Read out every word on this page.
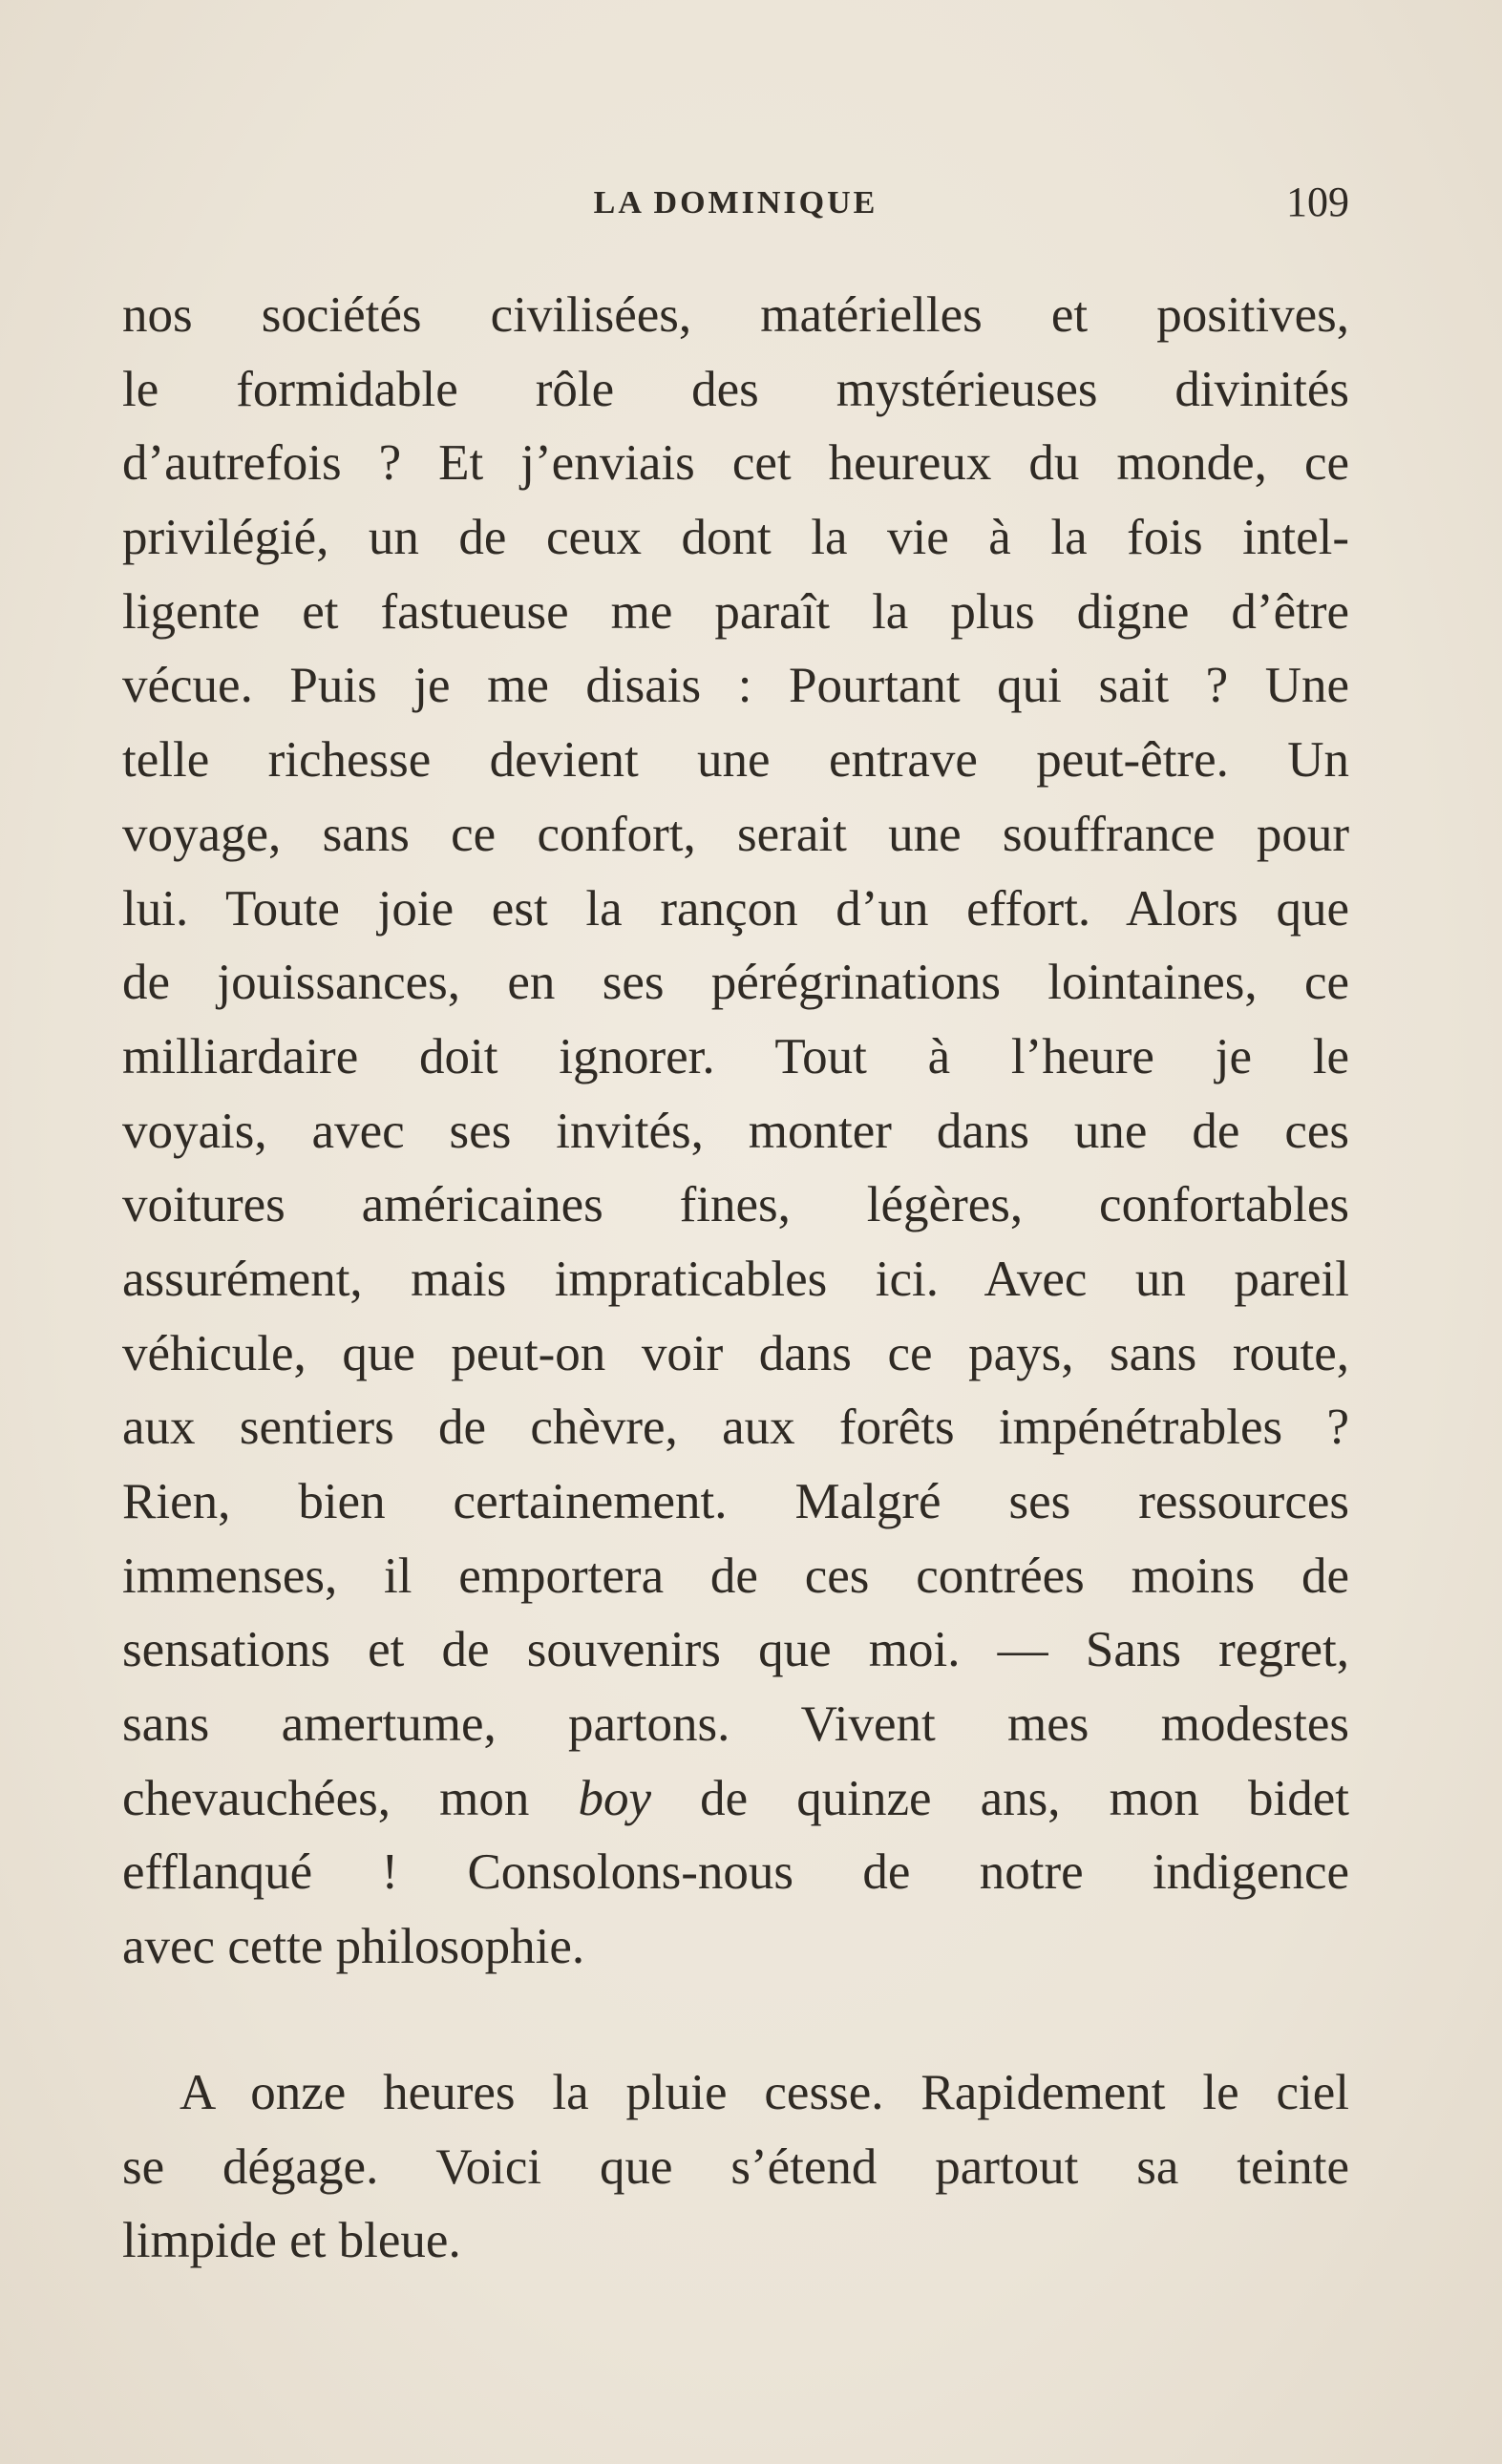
LA DOMINIQUE	109
nos sociétés civilisées, matérielles et positives,
le formidable rôle des mystérieuses divinités
d’autrefois ? Et j’enviais cet heureux du monde, ce
privilégié, un de ceux dont la vie à la fois intel-
ligente et fastueuse me paraît la plus digne d’être
vécue. Puis je me disais : Pourtant qui sait ? Une
telle richesse devient une entrave peut-être. Un
voyage, sans ce confort, serait une souffrance pour
lui. Toute joie est la rançon d’un effort. Alors que
de jouissances, en ses pérégrinations lointaines, ce
milliardaire doit ignorer. Tout à l’heure je le
voyais, avec ses invités, monter dans une de ces
voitures américaines fines, légères, confortables
assurément, mais impraticables ici. Avec un pareil
véhicule, que peut-on voir dans ce pays, sans route,
aux sentiers de chèvre, aux forêts impénétrables ?
Rien, bien certainement. Malgré ses ressources
immenses, il emportera de ces contrées moins de
sensations et de souvenirs que moi. — Sans regret,
sans amertume, partons. Vivent mes modestes
chevauchées, mon boy de quinze ans, mon bidet
efflanqué ! Consolons-nous de notre indigence
avec cette philosophie.
A onze heures la pluie cesse. Rapidement le ciel
se dégage. Voici que s’étend partout sa teinte
limpide et bleue.
